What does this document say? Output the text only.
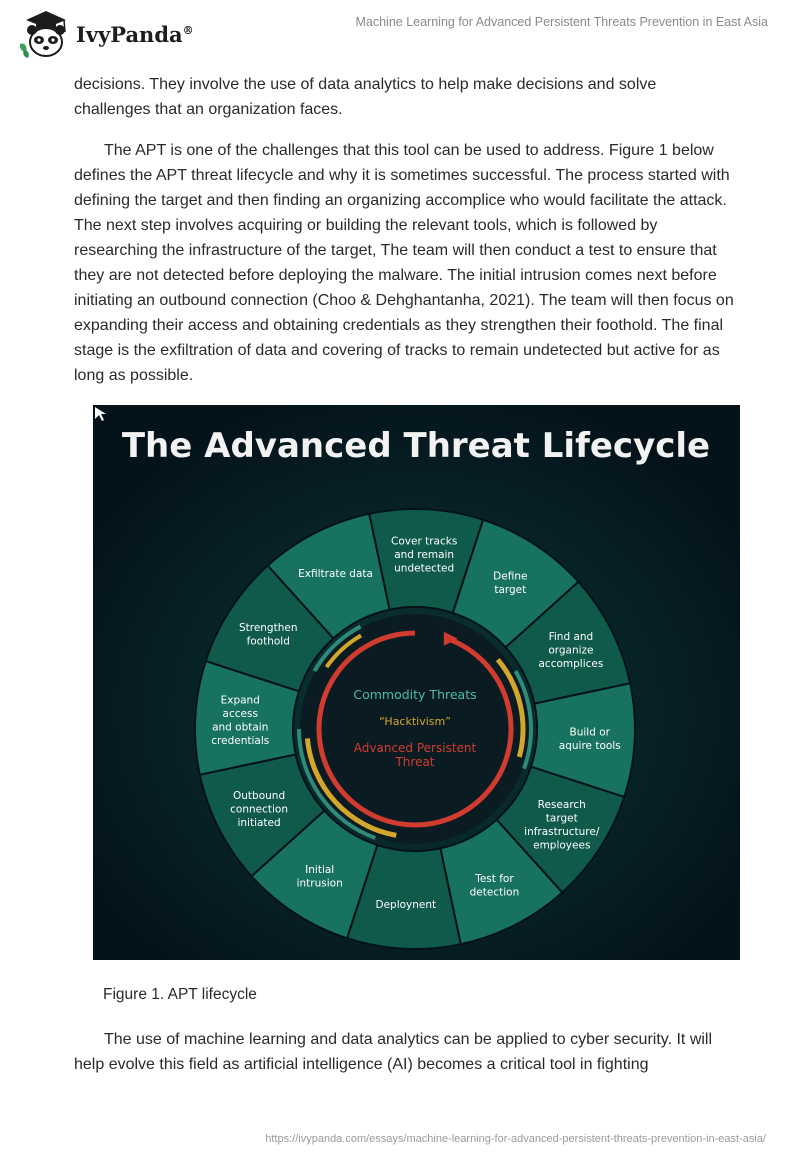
IvyPanda®
Machine Learning for Advanced Persistent Threats Prevention in East Asia

decisions. They involve the use of data analytics to help make decisions and solve challenges that an organization faces.

The APT is one of the challenges that this tool can be used to address. Figure 1 below defines the APT threat lifecycle and why it is sometimes successful. The process started with defining the target and then finding an organizing accomplice who would facilitate the attack. The next step involves acquiring or building the relevant tools, which is followed by researching the infrastructure of the target, The team will then conduct a test to ensure that they are not detected before deploying the malware. The initial intrusion comes next before initiating an outbound connection (Choo & Dehghantanha, 2021). The team will then focus on expanding their access and obtaining credentials as they strengthen their foothold. The final stage is the exfiltration of data and covering of tracks to remain undetected but active for as long as possible.

The Advanced Threat Lifecycle
Commodity Threats
“Hacktivism”
Advanced Persistent
Threat
Define
target
Find and
organize
accomplices
Build or
aquire tools
Research
target
infrastructure/
employees
Test for
detection
Deploynent
Initial
intrusion
Outbound
connection
initiated
Expand
access
and obtain
credentials
Strengthen
foothold
Exfiltrate data
Cover tracks
and remain
undetected
Figure 1. APT lifecycle

The use of machine learning and data analytics can be applied to cyber security. It will help evolve this field as artificial intelligence (AI) becomes a critical tool in fighting

https://ivypanda.com/essays/machine-learning-for-advanced-persistent-threats-prevention-in-east-asia/
